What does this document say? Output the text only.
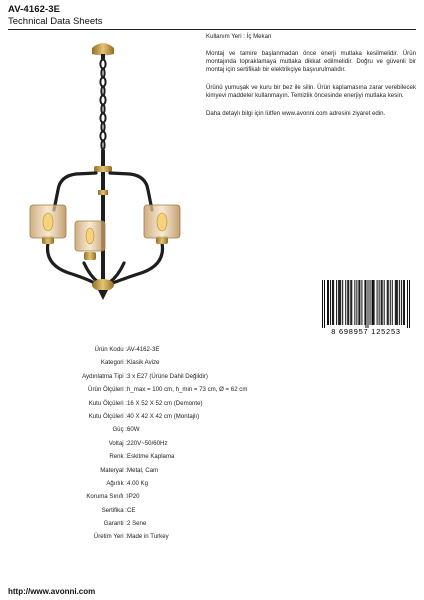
AV-4162-3E
Technical Data Sheets

Kullanım Yeri : İç Mekan

Montaj ve tamire başlanmadan önce enerji mutlaka kesilmelidir. Ürün montajında topraklamaya mutlaka dikkat edilmelidir. Doğru ve güvenli bir montaj için sertifikalı bir elektrikçiye başvurulmalıdır.

Ürünü yumuşak ve kuru bir bez ile silin. Ürün kaplamasına zarar verebilecek kimyevi maddeler kullanmayın. Temizlik öncesinde enerjiyi mutlaka kesin.

Daha detaylı bilgi için lütfen www.avonni.com adresini ziyaret edin.

8 698957 125253
Ürün Kodu : AV-4162-3E
Kategori : Klasik Avize
Aydınlatma Tipi : 3 x E27 (Ürüne Dahil Değildir)
Ürün Ölçüleri : h_max = 100 cm, h_min = 73 cm, Ø = 62 cm
Kutu Ölçüleri : 16 X 52 X 52 cm (Demonte)
Kutu Ölçüleri : 40 X 42 X 42 cm (Montajlı)
Güç : 60W
Voltaj : 220V~50/60Hz
Renk : Eskitme Kaplama
Materyal : Metal, Cam
Ağırlık : 4.00 Kg
Koruma Sınıfı : IP20
Sertifika : CE
Garanti : 2 Sene
Üretim Yeri : Made in Turkey
http://www.avonni.com
